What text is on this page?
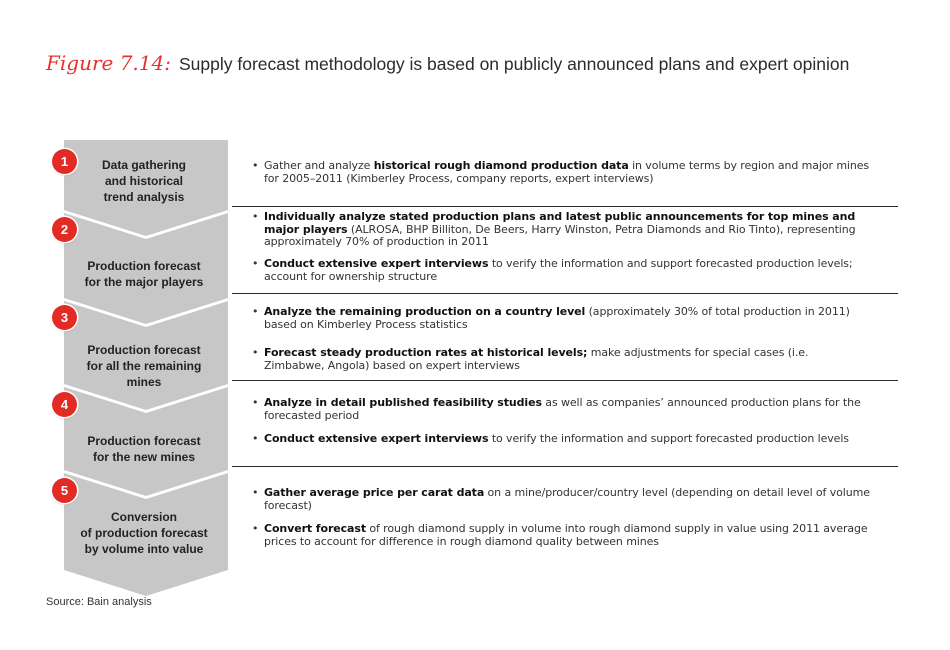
Figure 7.14: Supply forecast methodology is based on publicly announced plans and expert opinion
1
2
3
4
5
Data gathering
and historical
trend analysis
Production forecast
for the major players
Production forecast
for all the remaining
mines
Production forecast
for the new mines
Conversion
of production forecast
by volume into value
• Gather and analyze historical rough diamond production data in volume terms by region and major mines for 2005–2011 (Kimberley Process, company reports, expert interviews)
• Individually analyze stated production plans and latest public announcements for top mines and major players (ALROSA, BHP Billiton, De Beers, Harry Winston, Petra Diamonds and Rio Tinto), representing approximately 70% of production in 2011
• Conduct extensive expert interviews to verify the information and support forecasted production levels; account for ownership structure
• Analyze the remaining production on a country level (approximately 30% of total production in 2011) based on Kimberley Process statistics
• Forecast steady production rates at historical levels; make adjustments for special cases (i.e. Zimbabwe, Angola) based on expert interviews
• Analyze in detail published feasibility studies as well as companies’ announced production plans for the forecasted period
• Conduct extensive expert interviews to verify the information and support forecasted production levels
• Gather average price per carat data on a mine/producer/country level (depending on detail level of volume forecast)
• Convert forecast of rough diamond supply in volume into rough diamond supply in value using 2011 average prices to account for difference in rough diamond quality between mines
Source: Bain analysis
